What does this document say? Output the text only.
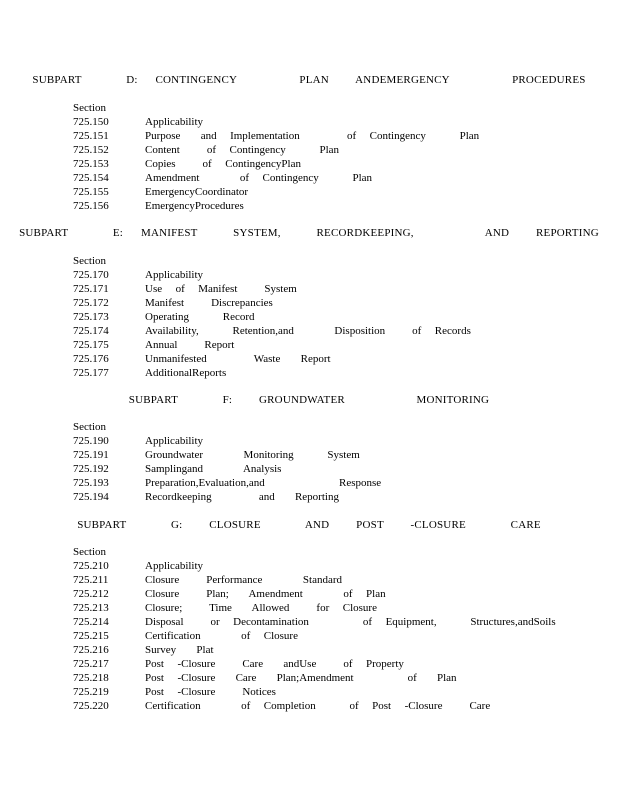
SUBPART     D:  CONTINGENCY       PLAN   ANDEMERGENCY       PROCEDURES
Section
725.150	Applicability
725.151	Purpose   and  Implementation       of  Contingency     Plan
725.152	Content    of  Contingency     Plan
725.153	Copies    of  ContingencyPlan
725.154	Amendment      of  Contingency     Plan
725.155	EmergencyCoordinator
725.156	EmergencyProcedures
SUBPART     E:  MANIFEST    SYSTEM,    RECORDKEEPING,        AND   REPORTING
Section
725.170	Applicability
725.171	Use  of  Manifest    System
725.172	Manifest    Discrepancies
725.173	Operating     Record
725.174	Availability,     Retention,and      Disposition    of  Records
725.175	Annual    Report
725.176	Unmanifested       Waste   Report
725.177	AdditionalReports
SUBPART     F:   GROUNDWATER        MONITORING
Section
725.190	Applicability
725.191	Groundwater      Monitoring     System
725.192	Samplingand      Analysis
725.193	Preparation,Evaluation,and           Response
725.194	Recordkeeping       and   Reporting
SUBPART     G:   CLOSURE     AND   POST   -CLOSURE     CARE
Section
725.210	Applicability
725.211	Closure    Performance      Standard
725.212	Closure    Plan;   Amendment      of  Plan
725.213	Closure;    Time   Allowed    for  Closure
725.214	Disposal    or  Decontamination        of  Equipment,     Structures,andSoils
725.215	Certification      of  Closure
725.216	Survey   Plat
725.217	Post  -Closure    Care   andUse    of  Property
725.218	Post  -Closure   Care   Plan;Amendment        of   Plan
725.219	Post  -Closure    Notices
725.220	Certification      of  Completion     of  Post  -Closure    Care
